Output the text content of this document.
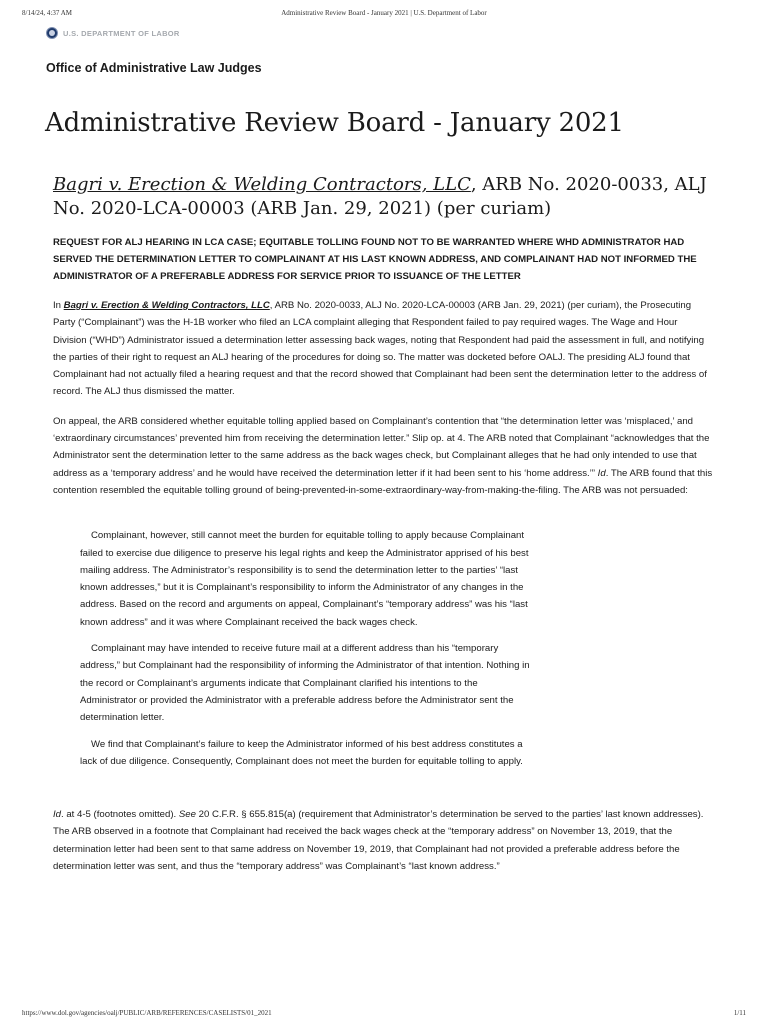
8/14/24, 4:37 AM	Administrative Review Board - January 2021 | U.S. Department of Labor
U.S. DEPARTMENT OF LABOR
Office of Administrative Law Judges
Administrative Review Board - January 2021
Bagri v. Erection & Welding Contractors, LLC, ARB No. 2020-0033, ALJ No. 2020-LCA-00003 (ARB Jan. 29, 2021) (per curiam)

REQUEST FOR ALJ HEARING IN LCA CASE; EQUITABLE TOLLING FOUND NOT TO BE WARRANTED WHERE WHD ADMINISTRATOR HAD SERVED THE DETERMINATION LETTER TO COMPLAINANT AT HIS LAST KNOWN ADDRESS, AND COMPLAINANT HAD NOT INFORMED THE ADMINISTRATOR OF A PREFERABLE ADDRESS FOR SERVICE PRIOR TO ISSUANCE OF THE LETTER

In Bagri v. Erection & Welding Contractors, LLC, ARB No. 2020-0033, ALJ No. 2020-LCA-00003 (ARB Jan. 29, 2021) (per curiam), the Prosecuting Party (“Complainant”) was the H-1B worker who filed an LCA complaint alleging that Respondent failed to pay required wages. The Wage and Hour Division (“WHD”) Administrator issued a determination letter assessing back wages, noting that Respondent had paid the assessment in full, and notifying the parties of their right to request an ALJ hearing of the procedures for doing so. The matter was docketed before OALJ. The presiding ALJ found that Complainant had not actually filed a hearing request and that the record showed that Complainant had been sent the determination letter to the address of record. The ALJ thus dismissed the matter.

On appeal, the ARB considered whether equitable tolling applied based on Complainant’s contention that “the determination letter was ‘misplaced,’ and ‘extraordinary circumstances’ prevented him from receiving the determination letter.” Slip op. at 4. The ARB noted that Complainant “acknowledges that the Administrator sent the determination letter to the same address as the back wages check, but Complainant alleges that he had only intended to use that address as a ‘temporary address’ and he would have received the determination letter if it had been sent to his ‘home address.’” Id. The ARB found that this contention resembled the equitable tolling ground of being-prevented-in-some-extraordinary-way-from-making-the-filing. The ARB was not persuaded:

Complainant, however, still cannot meet the burden for equitable tolling to apply because Complainant failed to exercise due diligence to preserve his legal rights and keep the Administrator apprised of his best mailing address. The Administrator’s responsibility is to send the determination letter to the parties’ “last known addresses,” but it is Complainant’s responsibility to inform the Administrator of any changes in the address. Based on the record and arguments on appeal, Complainant’s “temporary address” was his “last known address” and it was where Complainant received the back wages check.

Complainant may have intended to receive future mail at a different address than his “temporary address,” but Complainant had the responsibility of informing the Administrator of that intention. Nothing in the record or Complainant’s arguments indicate that Complainant clarified his intentions to the Administrator or provided the Administrator with a preferable address before the Administrator sent the determination letter.

We find that Complainant’s failure to keep the Administrator informed of his best address constitutes a lack of due diligence. Consequently, Complainant does not meet the burden for equitable tolling to apply.

Id. at 4-5 (footnotes omitted). See 20 C.F.R. § 655.815(a) (requirement that Administrator’s determination be served to the parties’ last known addresses). The ARB observed in a footnote that Complainant had received the back wages check at the “temporary address” on November 13, 2019, that the determination letter had been sent to that same address on November 19, 2019, that Complainant had not provided a preferable address before the determination letter was sent, and thus the “temporary address” was Complainant’s “last known address.”

https://www.dol.gov/agencies/oalj/PUBLIC/ARB/REFERENCES/CASELISTS/01_2021	1/11
